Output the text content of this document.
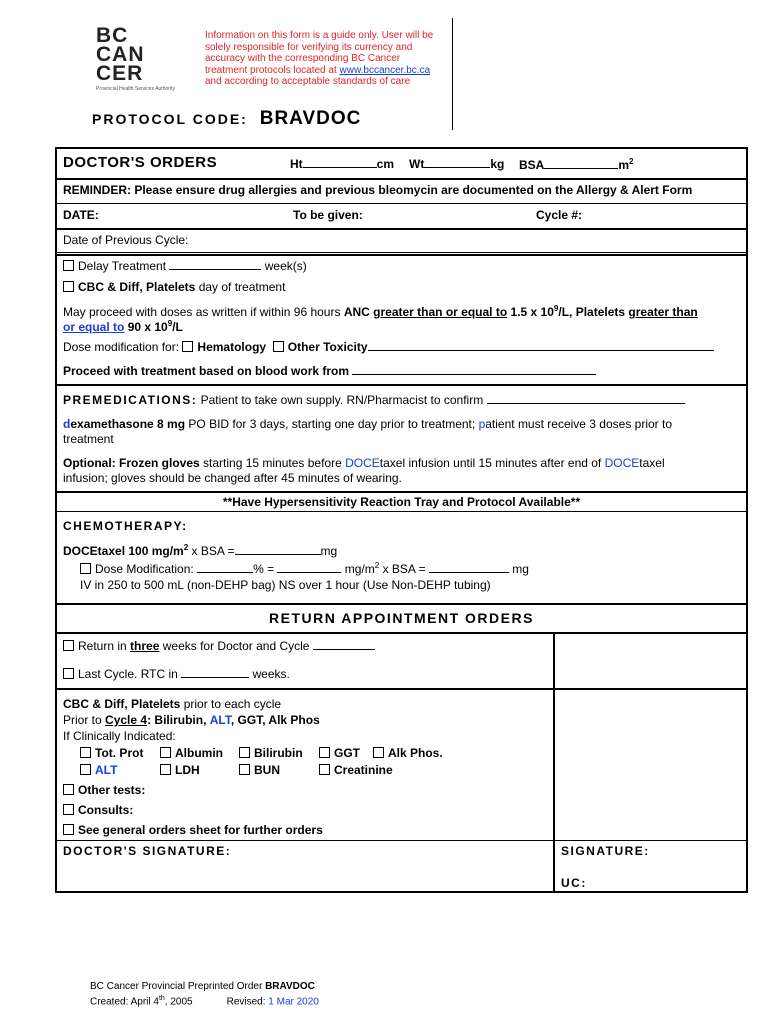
BC
CAN
CER
Provincial Health Services Authority
Information on this form is a guide only. User will be solely responsible for verifying its currency and accuracy with the corresponding BC Cancer treatment protocols located at www.bccancer.bc.ca and according to acceptable standards of care
PROTOCOL CODE: BRAVDOC
DOCTOR'S ORDERS	Ht	cm Wt	kg BSA	$m^2$
REMINDER: Please ensure drug allergies and previous bleomycin are documented on the Allergy & Alert Form
DATE:	To be given:	Cycle #:
Date of Previous Cycle:
Delay Treatment	week(s)
CBC & Diff, Platelets day of treatment
May proceed with doses as written if within 96 hours ANC greater than or equal to 1.5 x $10^9/L$, Platelets greater than
or equal to 90 x $10^9/L$
Dose modification for: Hematology Other Toxicity
Proceed with treatment based on blood work from
PREMEDICATIONS: Patient to take own supply. RN/Pharmacist to confirm
dexamethasone 8 mg PO BID for 3 days, starting one day prior to treatment; patient must receive 3 doses prior to
treatment
Optional: Frozen gloves starting 15 minutes before DOCEtaxel infusion until 15 minutes after end of DOCEtaxel
infusion; gloves should be changed after 45 minutes of wearing.
**Have Hypersensitivity Reaction Tray and Protocol Available**
CHEMOTHERAPY:
DOCEtaxel 100 $mg/m^2$ x BSA =	mg
Dose Modification:	% =	$mg/m^2$ x BSA =	mg
IV in 250 to 500 mL (non-DEHP bag) NS over 1 hour (Use Non-DEHP tubing)
RETURN APPOINTMENT ORDERS
Return in three weeks for Doctor and Cycle
Last Cycle. RTC in	weeks.
CBC & Diff, Platelets prior to each cycle
Prior to Cycle 4: Bilirubin, ALT, GGT, Alk Phos
If Clinically Indicated:
Tot. Prot	Albumin	Bilirubin	GGT	Alk Phos.
ALT	LDH	BUN	Creatinine
Other tests:
Consults:
See general orders sheet for further orders
DOCTOR'S SIGNATURE:	SIGNATURE:
UC:
BC Cancer Provincial Preprinted Order BRAVDOC
Created: April 4th, 2005	Revised: 1 Mar 2020
